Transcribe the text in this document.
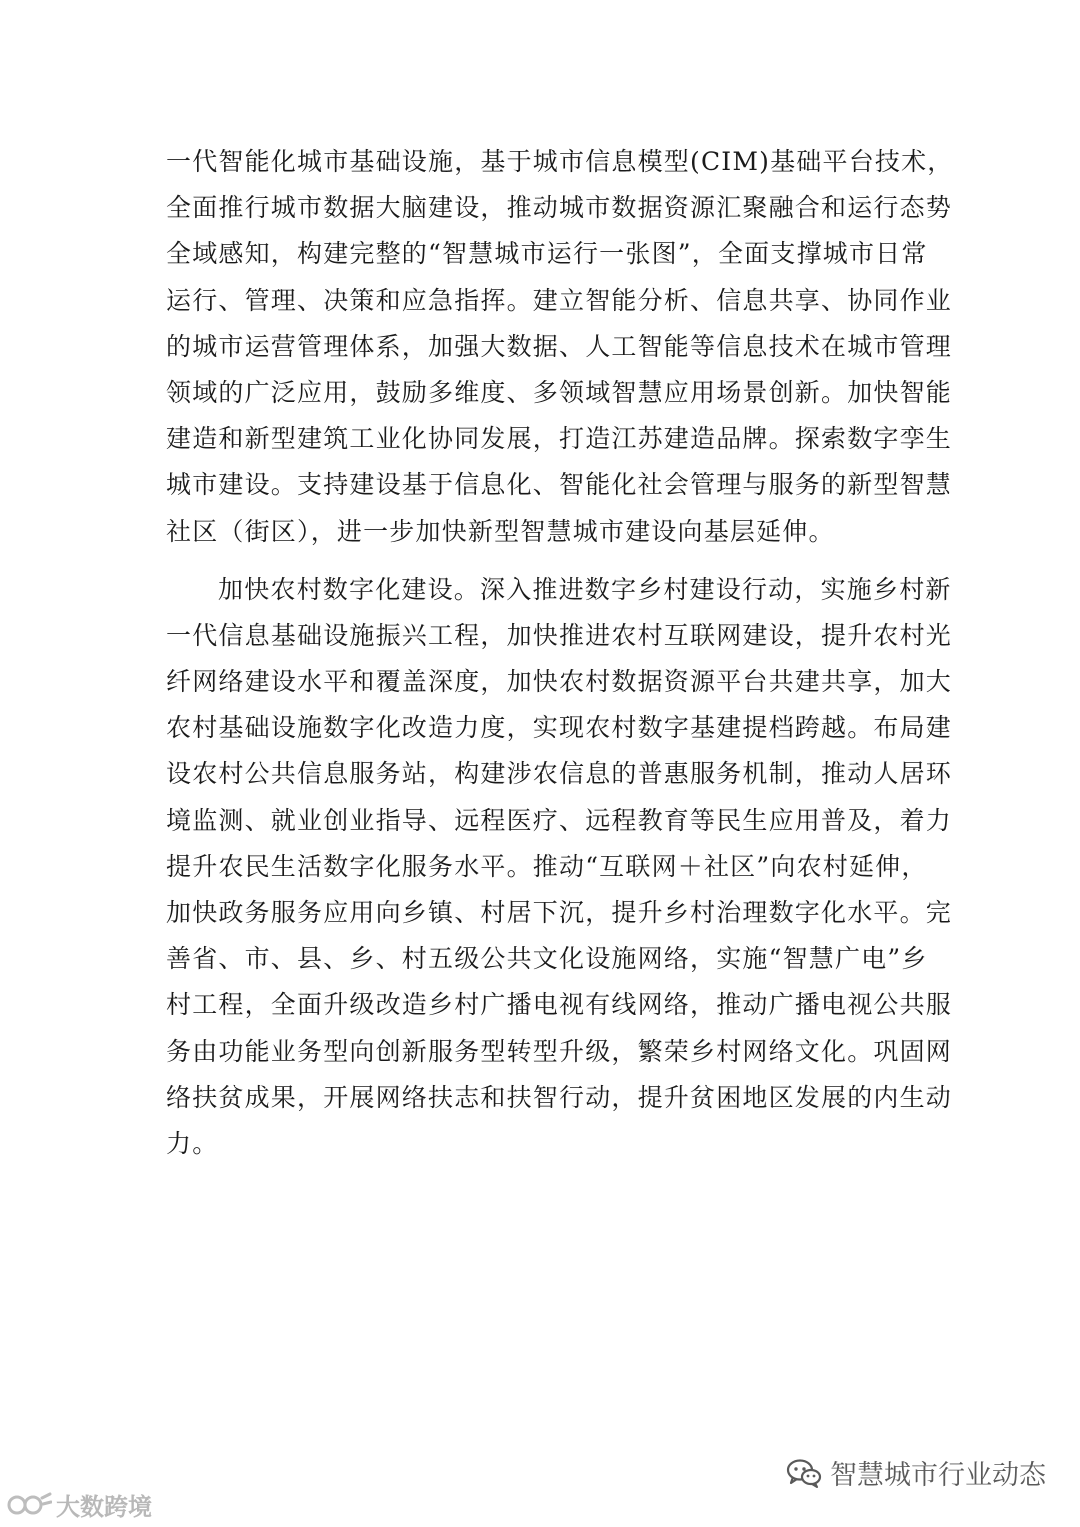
一代智能化城市基础设施，基于城市信息模型(CIM)基础平台技术，
全面推行城市数据大脑建设，推动城市数据资源汇聚融合和运行态势
全域感知，构建完整的“智慧城市运行一张图”，全面支撑城市日常
运行、管理、决策和应急指挥。建立智能分析、信息共享、协同作业
的城市运营管理体系，加强大数据、人工智能等信息技术在城市管理
领域的广泛应用，鼓励多维度、多领域智慧应用场景创新。加快智能
建造和新型建筑工业化协同发展，打造江苏建造品牌。探索数字孪生
城市建设。支持建设基于信息化、智能化社会管理与服务的新型智慧
社区（街区），进一步加快新型智慧城市建设向基层延伸。
加快农村数字化建设。深入推进数字乡村建设行动，实施乡村新
一代信息基础设施振兴工程，加快推进农村互联网建设，提升农村光
纤网络建设水平和覆盖深度，加快农村数据资源平台共建共享，加大
农村基础设施数字化改造力度，实现农村数字基建提档跨越。布局建
设农村公共信息服务站，构建涉农信息的普惠服务机制，推动人居环
境监测、就业创业指导、远程医疗、远程教育等民生应用普及，着力
提升农民生活数字化服务水平。推动“互联网＋社区”向农村延伸，
加快政务服务应用向乡镇、村居下沉，提升乡村治理数字化水平。完
善省、市、县、乡、村五级公共文化设施网络，实施“智慧广电”乡
村工程，全面升级改造乡村广播电视有线网络，推动广播电视公共服
务由功能业务型向创新服务型转型升级，繁荣乡村网络文化。巩固网
络扶贫成果，开展网络扶志和扶智行动，提升贫困地区发展的内生动
力。
智慧城市行业动态
大数跨境
